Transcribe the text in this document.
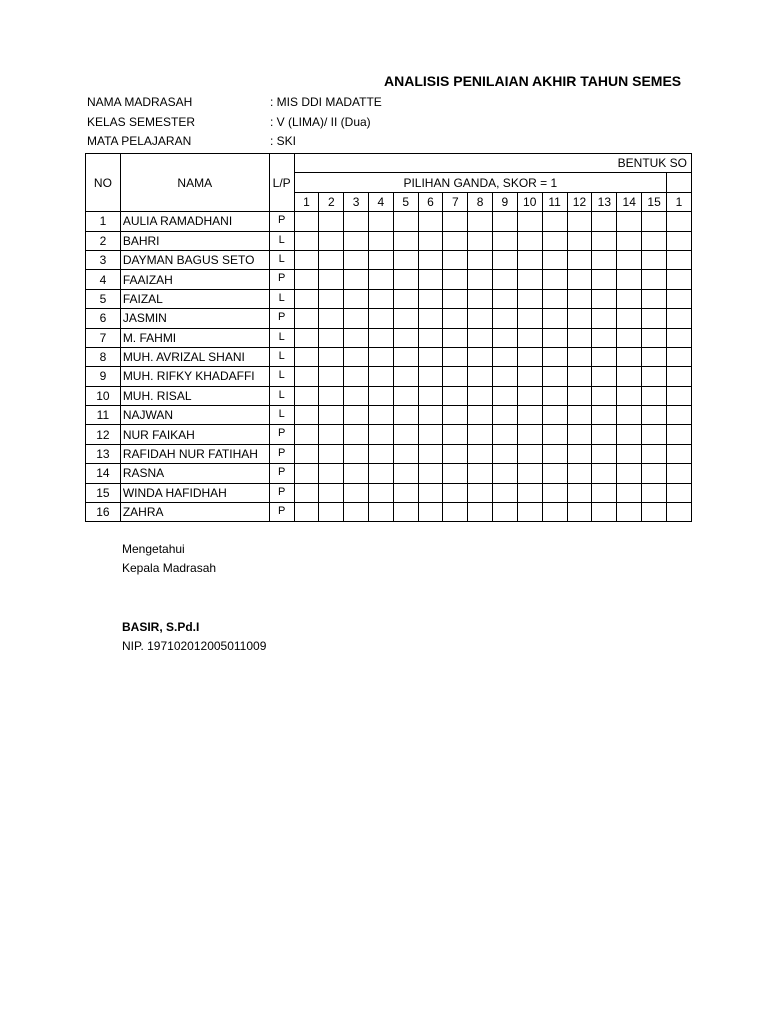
ANALISIS PENILAIAN AKHIR TAHUN SEMES
NAMA MADRASAH	: MIS DDI MADATTE
KELAS SEMESTER	: V (LIMA)/ II (Dua)
MATA PELAJARAN	: SKI
NO	NAMA	L/P	BENTUK SO															
			PILIHAN GANDA, SKOR = 1															
			1	2	3	4	5	6	7	8	9	10	11	12	13	14	15	1
1	AULIA RAMADHANI	P																
2	BAHRI	L																
3	DAYMAN BAGUS SETO	L																
4	FAAIZAH	P																
5	FAIZAL	L																
6	JASMIN	P																
7	M. FAHMI	L																
8	MUH. AVRIZAL SHANI	L																
9	MUH. RIFKY KHADAFFI	L																
10	MUH. RISAL	L																
11	NAJWAN	L																
12	NUR FAIKAH	P																
13	RAFIDAH NUR FATIHAH	P																
14	RASNA	P																
15	WINDA HAFIDHAH	P																
16	ZAHRA	P																
Mengetahui
Kepala Madrasah
BASIR, S.Pd.I
NIP. 197102012005011009
